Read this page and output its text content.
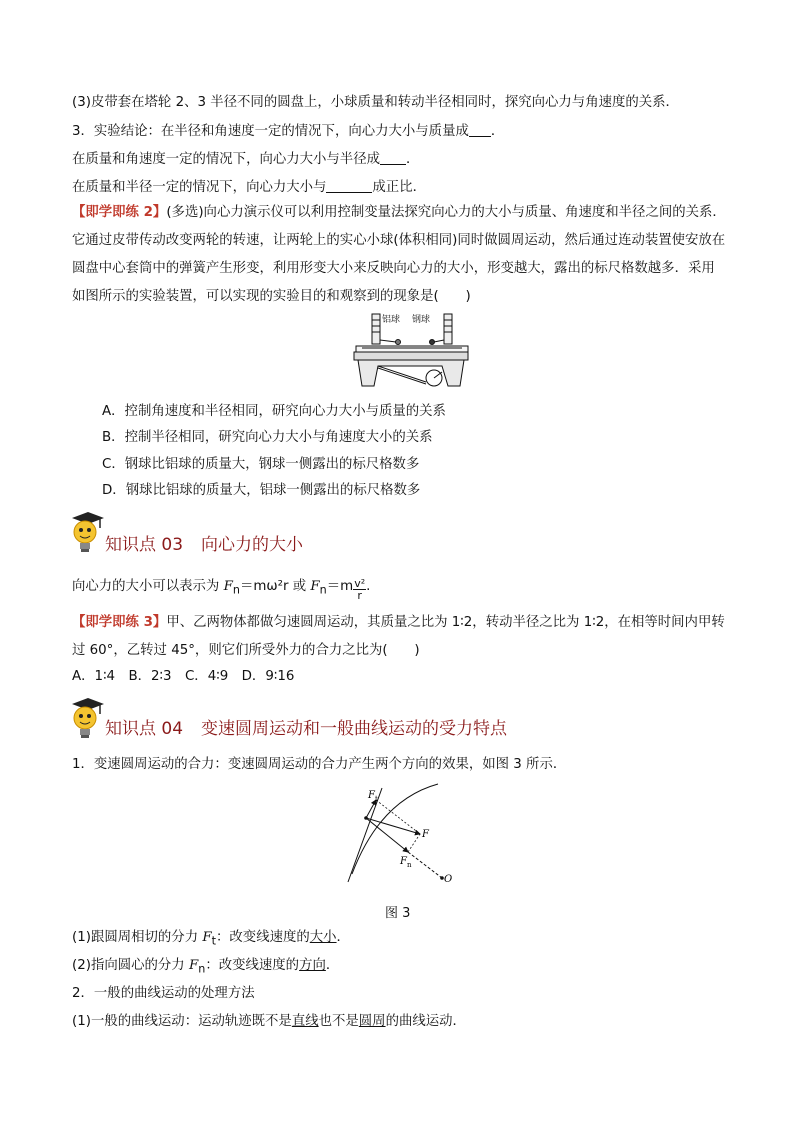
(3)皮带套在塔轮 2、3 半径不同的圆盘上，小球质量和转动半径相同时，探究向心力与角速度的关系．
3．实验结论：在半径和角速度一定的情况下，向心力大小与质量成 ．
在质量和角速度一定的情况下，向心力大小与半径成 ．
在质量和半径一定的情况下，向心力大小与	成正比．
【即学即练 2】(多选)向心力演示仪可以利用控制变量法探究向心力的大小与质量、角速度和半径之间的关系．它通过皮带传动改变两轮的转速，让两轮上的实心小球(体积相同)同时做圆周运动，然后通过连动装置使安放在圆盘中心套筒中的弹簧产生形变，利用形变大小来反映向心力的大小，形变越大，露出的标尺格数越多．采用如图所示的实验装置，可以实现的实验目的和观察到的现象是(　　)
铝球 钢球
A．控制角速度和半径相同，研究向心力大小与质量的关系
B．控制半径相同，研究向心力大小与角速度大小的关系
C．钢球比铝球的质量大，钢球一侧露出的标尺格数多
D．钢球比铝球的质量大，铝球一侧露出的标尺格数多
知识点 03 向心力的大小
向心力的大小可以表示为 $F_n=m\omega^2r$ 或 $F_n=m \frac{\text{v²}}{r}$ .
【即学即练 3】甲、乙两物体都做匀速圆周运动，其质量之比为 1∶2，转动半径之比为 1∶2，在相等时间内甲转过 60°，乙转过 45°，则它们所受外力的合力之比为(　　)
A．1∶4　B．2∶3　C．4∶9　D．9∶16
知识点 04 变速圆周运动和一般曲线运动的受力特点
1．变速圆周运动的合力：变速圆周运动的合力产生两个方向的效果，如图 3 所示．
F t
F
F n
O
图 3
(1)跟圆周相切的分力 $F_t$：改变线速度的大小．
(2)指向圆心的分力 $F_n$：改变线速度的方向．
2．一般的曲线运动的处理方法
(1)一般的曲线运动：运动轨迹既不是直线也不是圆周的曲线运动．
